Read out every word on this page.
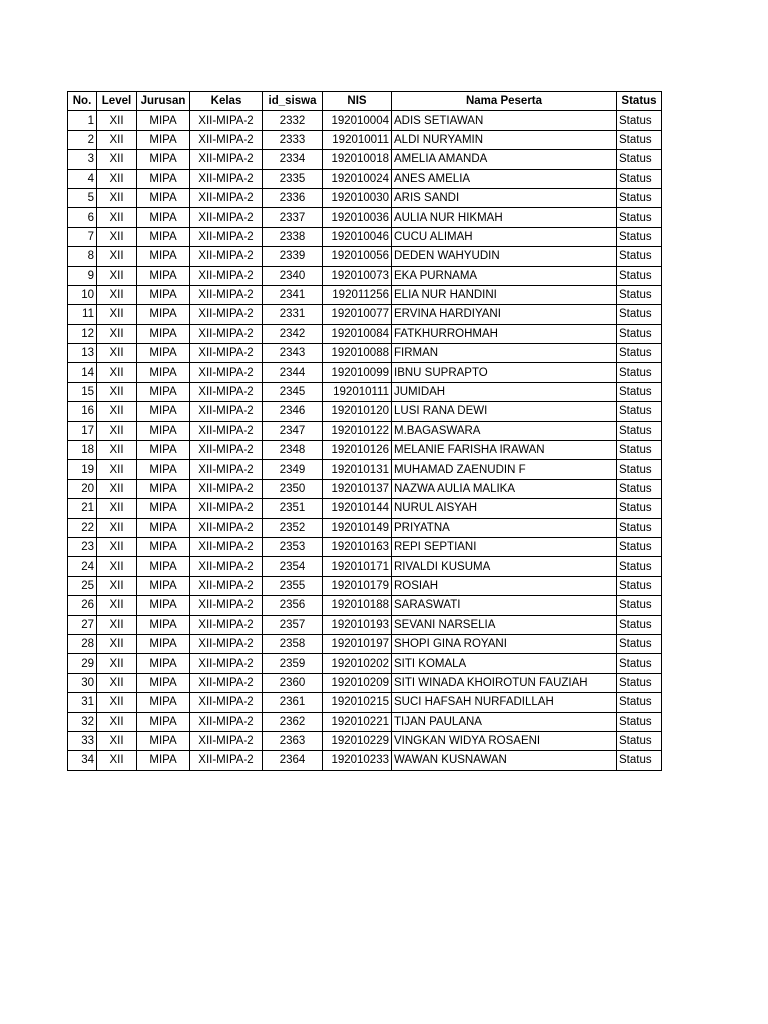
No.	Level	Jurusan	Kelas	id_siswa	NIS	Nama Peserta	Status
1	XII	MIPA	XII-MIPA-2	2332	192010004	ADIS SETIAWAN	Status
2	XII	MIPA	XII-MIPA-2	2333	192010011	ALDI NURYAMIN	Status
3	XII	MIPA	XII-MIPA-2	2334	192010018	AMELIA AMANDA	Status
4	XII	MIPA	XII-MIPA-2	2335	192010024	ANES AMELIA	Status
5	XII	MIPA	XII-MIPA-2	2336	192010030	ARIS SANDI	Status
6	XII	MIPA	XII-MIPA-2	2337	192010036	AULIA NUR HIKMAH	Status
7	XII	MIPA	XII-MIPA-2	2338	192010046	CUCU ALIMAH	Status
8	XII	MIPA	XII-MIPA-2	2339	192010056	DEDEN WAHYUDIN	Status
9	XII	MIPA	XII-MIPA-2	2340	192010073	EKA PURNAMA	Status
10	XII	MIPA	XII-MIPA-2	2341	192011256	ELIA NUR HANDINI	Status
11	XII	MIPA	XII-MIPA-2	2331	192010077	ERVINA HARDIYANI	Status
12	XII	MIPA	XII-MIPA-2	2342	192010084	FATKHURROHMAH	Status
13	XII	MIPA	XII-MIPA-2	2343	192010088	FIRMAN	Status
14	XII	MIPA	XII-MIPA-2	2344	192010099	IBNU SUPRAPTO	Status
15	XII	MIPA	XII-MIPA-2	2345	192010111	JUMIDAH	Status
16	XII	MIPA	XII-MIPA-2	2346	192010120	LUSI RANA DEWI	Status
17	XII	MIPA	XII-MIPA-2	2347	192010122	M.BAGASWARA	Status
18	XII	MIPA	XII-MIPA-2	2348	192010126	MELANIE FARISHA IRAWAN	Status
19	XII	MIPA	XII-MIPA-2	2349	192010131	MUHAMAD ZAENUDIN F	Status
20	XII	MIPA	XII-MIPA-2	2350	192010137	NAZWA AULIA MALIKA	Status
21	XII	MIPA	XII-MIPA-2	2351	192010144	NURUL AISYAH	Status
22	XII	MIPA	XII-MIPA-2	2352	192010149	PRIYATNA	Status
23	XII	MIPA	XII-MIPA-2	2353	192010163	REPI SEPTIANI	Status
24	XII	MIPA	XII-MIPA-2	2354	192010171	RIVALDI KUSUMA	Status
25	XII	MIPA	XII-MIPA-2	2355	192010179	ROSIAH	Status
26	XII	MIPA	XII-MIPA-2	2356	192010188	SARASWATI	Status
27	XII	MIPA	XII-MIPA-2	2357	192010193	SEVANI NARSELIA	Status
28	XII	MIPA	XII-MIPA-2	2358	192010197	SHOPI GINA ROYANI	Status
29	XII	MIPA	XII-MIPA-2	2359	192010202	SITI KOMALA	Status
30	XII	MIPA	XII-MIPA-2	2360	192010209	SITI WINADA KHOIROTUN FAUZIAH	Status
31	XII	MIPA	XII-MIPA-2	2361	192010215	SUCI HAFSAH NURFADILLAH	Status
32	XII	MIPA	XII-MIPA-2	2362	192010221	TIJAN PAULANA	Status
33	XII	MIPA	XII-MIPA-2	2363	192010229	VINGKAN WIDYA ROSAENI	Status
34	XII	MIPA	XII-MIPA-2	2364	192010233	WAWAN KUSNAWAN	Status
